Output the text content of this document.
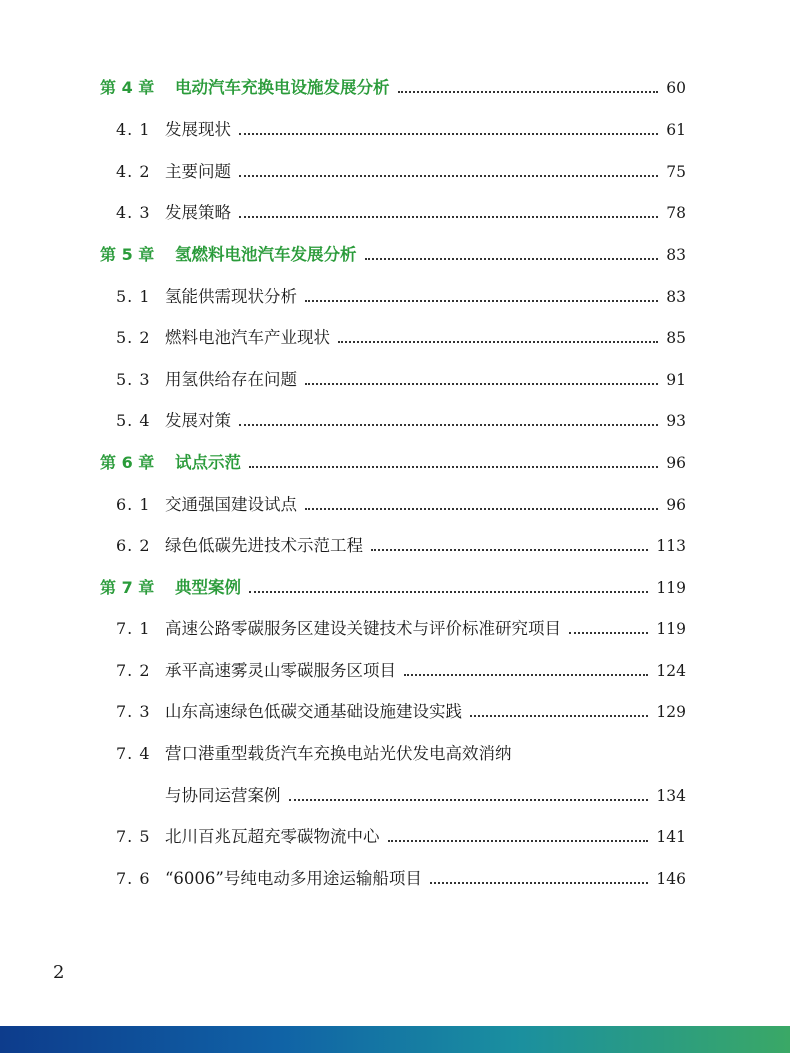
第 4 章 电动汽车充换电设施发展分析	60
4. 1 发展现状	61
4. 2 主要问题	75
4. 3 发展策略	78
第 5 章 氢燃料电池汽车发展分析	83
5. 1 氢能供需现状分析	83
5. 2 燃料电池汽车产业现状	85
5. 3 用氢供给存在问题	91
5. 4 发展对策	93
第 6 章 试点示范	96
6. 1 交通强国建设试点	96
6. 2 绿色低碳先进技术示范工程	113
第 7 章 典型案例	119
7. 1 高速公路零碳服务区建设关键技术与评价标准研究项目	119
7. 2 承平高速雾灵山零碳服务区项目	124
7. 3 山东高速绿色低碳交通基础设施建设实践	129
7. 4 营口港重型载货汽车充换电站光伏发电高效消纳
与协同运营案例	134
7. 5 北川百兆瓦超充零碳物流中心	141
7. 6 “6006”号纯电动多用途运输船项目	146
2
